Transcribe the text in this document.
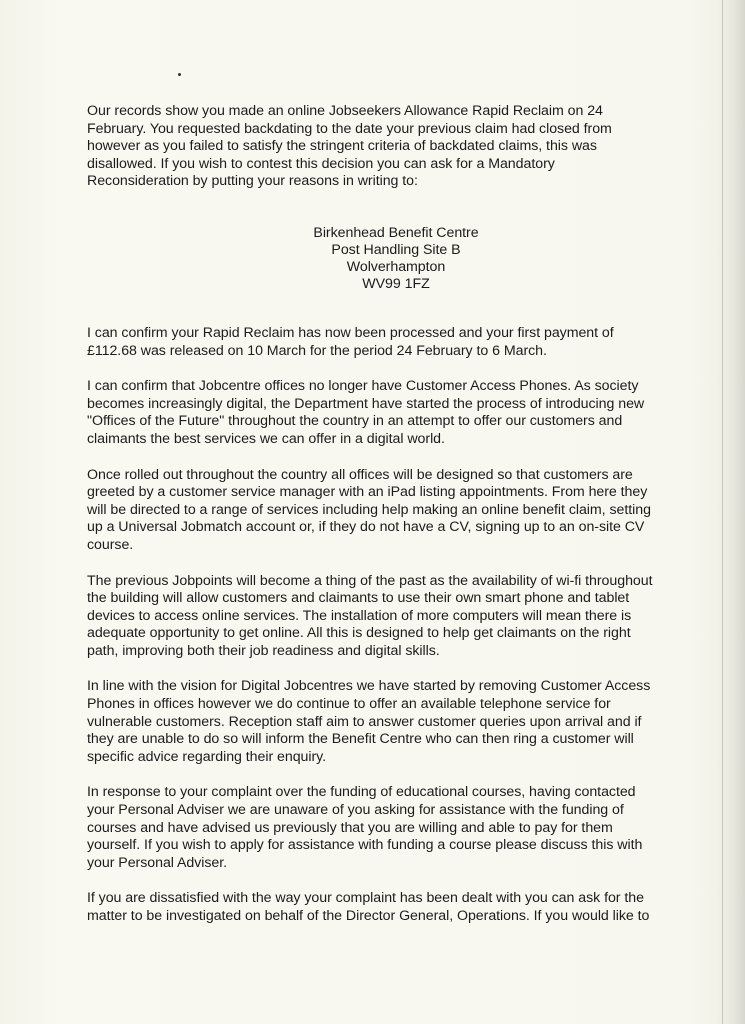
Our records show you made an online Jobseekers Allowance Rapid Reclaim on 24
February. You requested backdating to the date your previous claim had closed from
however as you failed to satisfy the stringent criteria of backdated claims, this was
disallowed. If you wish to contest this decision you can ask for a Mandatory
Reconsideration by putting your reasons in writing to:

Birkenhead Benefit Centre
Post Handling Site B
Wolverhampton
WV99 1FZ

I can confirm your Rapid Reclaim has now been processed and your first payment of
£112.68 was released on 10 March for the period 24 February to 6 March.

I can confirm that Jobcentre offices no longer have Customer Access Phones. As society
becomes increasingly digital, the Department have started the process of introducing new
"Offices of the Future" throughout the country in an attempt to offer our customers and
claimants the best services we can offer in a digital world.

Once rolled out throughout the country all offices will be designed so that customers are
greeted by a customer service manager with an iPad listing appointments. From here they
will be directed to a range of services including help making an online benefit claim, setting
up a Universal Jobmatch account or, if they do not have a CV, signing up to an on-site CV
course.

The previous Jobpoints will become a thing of the past as the availability of wi-fi throughout
the building will allow customers and claimants to use their own smart phone and tablet
devices to access online services. The installation of more computers will mean there is
adequate opportunity to get online. All this is designed to help get claimants on the right
path, improving both their job readiness and digital skills.

In line with the vision for Digital Jobcentres we have started by removing Customer Access
Phones in offices however we do continue to offer an available telephone service for
vulnerable customers. Reception staff aim to answer customer queries upon arrival and if
they are unable to do so will inform the Benefit Centre who can then ring a customer will
specific advice regarding their enquiry.

In response to your complaint over the funding of educational courses, having contacted
your Personal Adviser we are unaware of you asking for assistance with the funding of
courses and have advised us previously that you are willing and able to pay for them
yourself. If you wish to apply for assistance with funding a course please discuss this with
your Personal Adviser.

If you are dissatisfied with the way your complaint has been dealt with you can ask for the
matter to be investigated on behalf of the Director General, Operations. If you would like to
